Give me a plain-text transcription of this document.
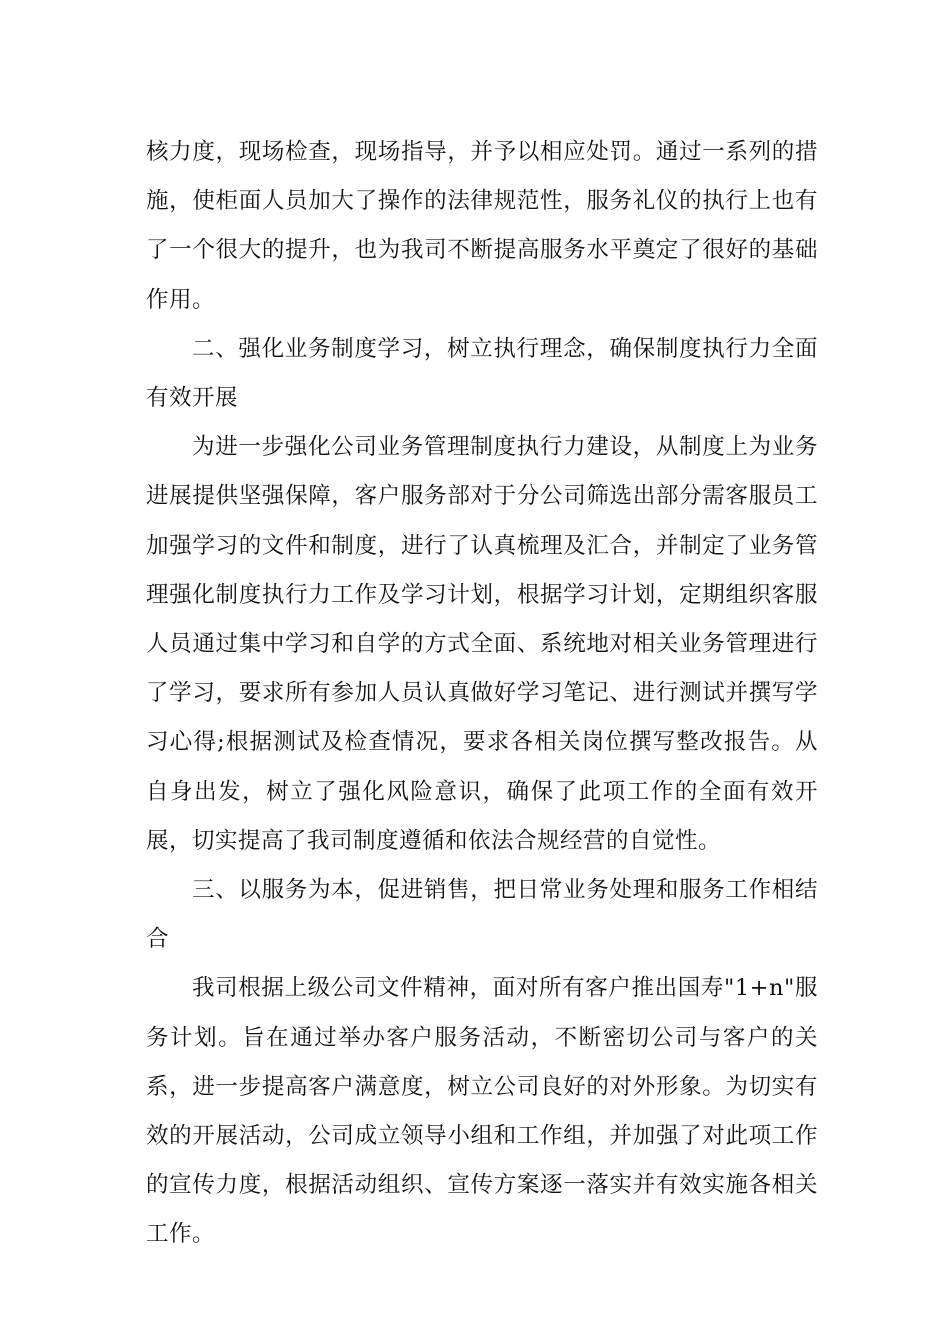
核力度，现场检查，现场指导，并予以相应处罚。通过一系列的措施，使柜面人员加大了操作的法律规范性，服务礼仪的执行上也有了一个很大的提升，也为我司不断提高服务水平奠定了很好的基础作用。

二、强化业务制度学习，树立执行理念，确保制度执行力全面有效开展

为进一步强化公司业务管理制度执行力建设，从制度上为业务进展提供坚强保障，客户服务部对于分公司筛选出部分需客服员工加强学习的文件和制度，进行了认真梳理及汇合，并制定了业务管理强化制度执行力工作及学习计划，根据学习计划，定期组织客服人员通过集中学习和自学的方式全面、系统地对相关业务管理进行了学习，要求所有参加人员认真做好学习笔记、进行测试并撰写学习心得;根据测试及检查情况，要求各相关岗位撰写整改报告。从自身出发，树立了强化风险意识，确保了此项工作的全面有效开展，切实提高了我司制度遵循和依法合规经营的自觉性。

三、以服务为本，促进销售，把日常业务处理和服务工作相结合

我司根据上级公司文件精神，面对所有客户推出国寿"1+n"服务计划。旨在通过举办客户服务活动，不断密切公司与客户的关系，进一步提高客户满意度，树立公司良好的对外形象。为切实有效的开展活动，公司成立领导小组和工作组，并加强了对此项工作的宣传力度，根据活动组织、宣传方案逐一落实并有效实施各相关工作。
